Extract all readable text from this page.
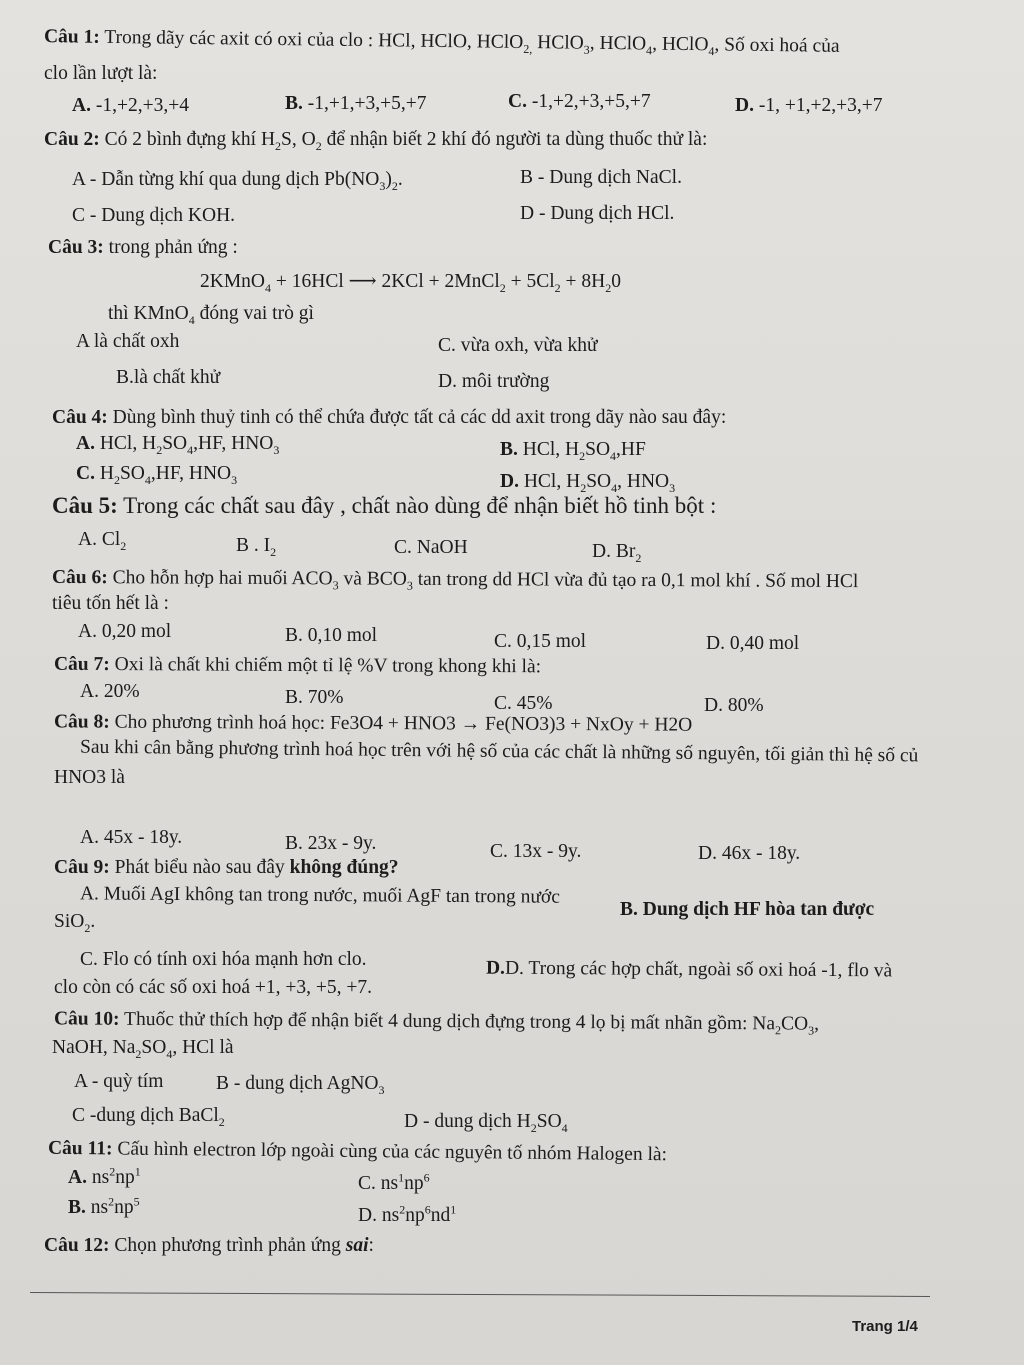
Câu 1: Trong dãy các axit có oxi của clo : HCl, HClO, HClO$_{2,}$ HClO$_3$, HClO$_4$, HClO$_4$, Số oxi hoá của
clo lần lượt là:
A. -1,+2,+3,+4	B. -1,+1,+3,+5,+7	C. -1,+2,+3,+5,+7	D. -1, +1,+2,+3,+7
Câu 2: Có 2 bình đựng khí $H_2S$, $O_2$ để nhận biết 2 khí đó người ta dùng thuốc thử là:
A - Dẫn từng khí qua dung dịch $Pb(NO_3)_2$.	B - Dung dịch NaCl.
C - Dung dịch KOH.	D - Dung dịch HCl.
Câu 3: trong phản ứng :
2KMnO$_4$ + 16HCl ⟶ 2KCl + 2MnCl$_2$ + $5Cl_2 + 8H_20$
thì KMnO$_4$ đóng vai trò gì
A là chất oxh	C. vừa oxh, vừa khử
B.là chất khử	D. môi trường
Câu 4: Dùng bình thuỷ tinh có thể chứa được tất cả các dd axit trong dãy nào sau đây:
A. HCl, $H_2SO_4,HF$, $HNO_3$	B. HCl, $H_2SO_4,HF$
C. $H_2SO_4,HF$, $HNO_3$	D. HCl, $H_2SO_4$, $HNO_3$
Câu 5: Trong các chất sau đây , chất nào dùng để nhận biết hồ tinh bột :
A. $Cl_2$	B . $I_2$	C. NaOH	D. $Br_2$
Câu 6: Cho hỗn hợp hai muối $ACO_3$ và $BCO_3$ tan trong dd HCl vừa đủ tạo ra 0,1 mol khí . Số mol HCl
tiêu tốn hết là :
A. 0,20 mol	B. 0,10 mol	C. 0,15 mol	D. 0,40 mol
Câu 7: Oxi là chất khi chiếm một tỉ lệ %V trong khong khi là:
A. 20%	B. 70%	C. 45%	D. 80%
Câu 8: Cho phương trình hoá học: Fe3O4 + HNO3 → Fe(NO3)3 + NxOy + H2O
Sau khi cân bằng phương trình hoá học trên với hệ số của các chất là những số nguyên, tối giản thì hệ số củ
HNO3 là
A. 45x - 18y.	B. 23x - 9y.	C. 13x - 9y.	D. 46x - 18y.
Câu 9: Phát biểu nào sau đây không đúng?
A. Muối AgI không tan trong nước, muối AgF tan trong nước
B. Dung dịch HF hòa tan được
SiO$_2$.
C. Flo có tính oxi hóa mạnh hơn clo.	D.D. Trong các hợp chất, ngoài số oxi hoá -1, flo và
clo còn có các số oxi hoá +1, +3, +5, +7.
Câu 10: Thuốc thử thích hợp để nhận biết 4 dung dịch đựng trong 4 lọ bị mất nhãn gồm: $Na_2CO_3$,
NaOH, $Na_2SO_4$, HCl là
A - quỳ tím	B - dung dịch AgNO$_3$
C -dung dịch BaCl$_2$	D - dung dịch $H_2SO_4$
Câu 11: Cấu hình electron lớp ngoài cùng của các nguyên tố nhóm Halogen là:
A. $ns^2np^1$
C. $ns^1np^6$
B. $ns^2np^5$
D. $ns^2np^6nd^1$
Câu 12: Chọn phương trình phản ứng sai:
Trang 1/4
